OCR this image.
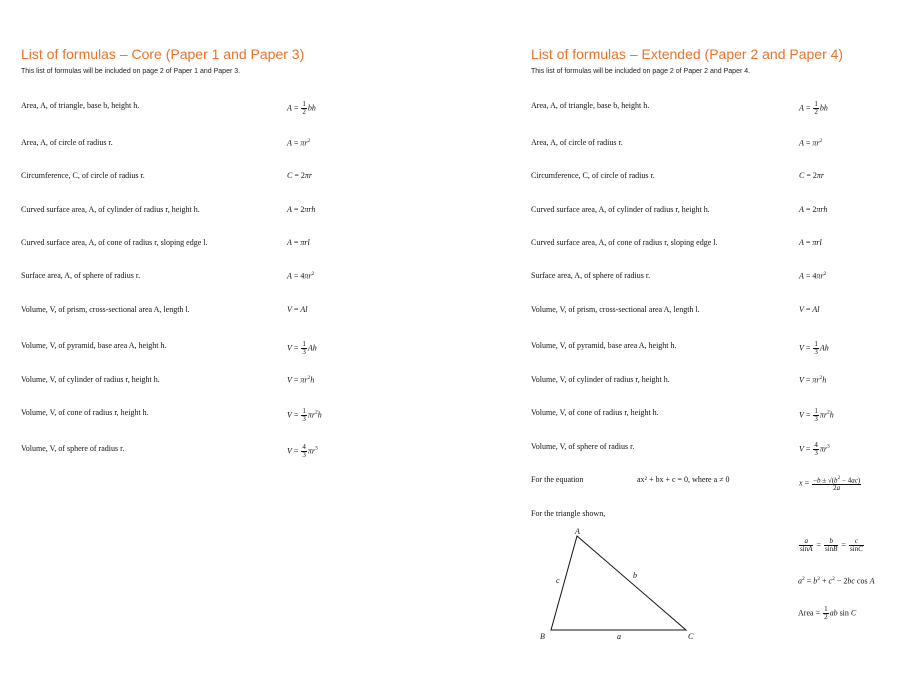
List of formulas – Core (Paper 1 and Paper 3)
This list of formulas will be included on page 2 of Paper 1 and Paper 3.
Area, A, of triangle, base b, height h.	$A = \frac{1}{2}$ bh
Area, A, of circle of radius r.	$A = \pi r^2$
Circumference, C, of circle of radius r.	C = 2πr
Curved surface area, A, of cylinder of radius r, height h.	A = 2πrh
Curved surface area, A, of cone of radius r, sloping edge l.	A = πrl
Surface area, A, of sphere of radius r.	$A = 4\pi r^2$
Volume, V, of prism, cross-sectional area A, length l.	V = Al
Volume, V, of pyramid, base area A, height h.	$V = \frac{1}{3}$ Ah
Volume, V, of cylinder of radius r, height h.	$V = \pi r^2h$
Volume, V, of cone of radius r, height h.	$V = \frac{1}{3} \pi r^2h$
Volume, V, of sphere of radius r.	$V = \frac{4}{3} \pi r^3$
List of formulas – Extended (Paper 2 and Paper 4)
This list of formulas will be included on page 2 of Paper 2 and Paper 4.
Area, A, of triangle, base b, height h.	$A = \frac{1}{2}$ bh
Area, A, of circle of radius r.	$A = \pi r^2$
Circumference, C, of circle of radius r.	C = 2πr
Curved surface area, A, of cylinder of radius r, height h.	A = 2πrh
Curved surface area, A, of cone of radius r, sloping edge l.	A = πrl
Surface area, A, of sphere of radius r.	$A = 4\pi r^2$
Volume, V, of prism, cross-sectional area A, length l.	V = Al
Volume, V, of pyramid, base area A, height h.	$V = \frac{1}{3}$ Ah
Volume, V, of cylinder of radius r, height h.	$V = \pi r^2h$
Volume, V, of cone of radius r, height h.	$V = \frac{1}{3} \pi r^2h$
Volume, V, of sphere of radius r.	$V = \frac{4}{3} \pi r^3$
For the equation	ax² + bx + c = 0, where a ≠ 0	$x = \frac{-b \pm √(b^2 - 4ac)}{2a}$
For the triangle shown,
A
B	C
c
b
a
$\frac{a}{\sin A} = \frac{b}{\sin B} = \frac{c}{\sin C}$
$a^2 = b^2 + c^2 - 2bc$ cos A
Area = $\frac{1}{2}$ ab sin C
